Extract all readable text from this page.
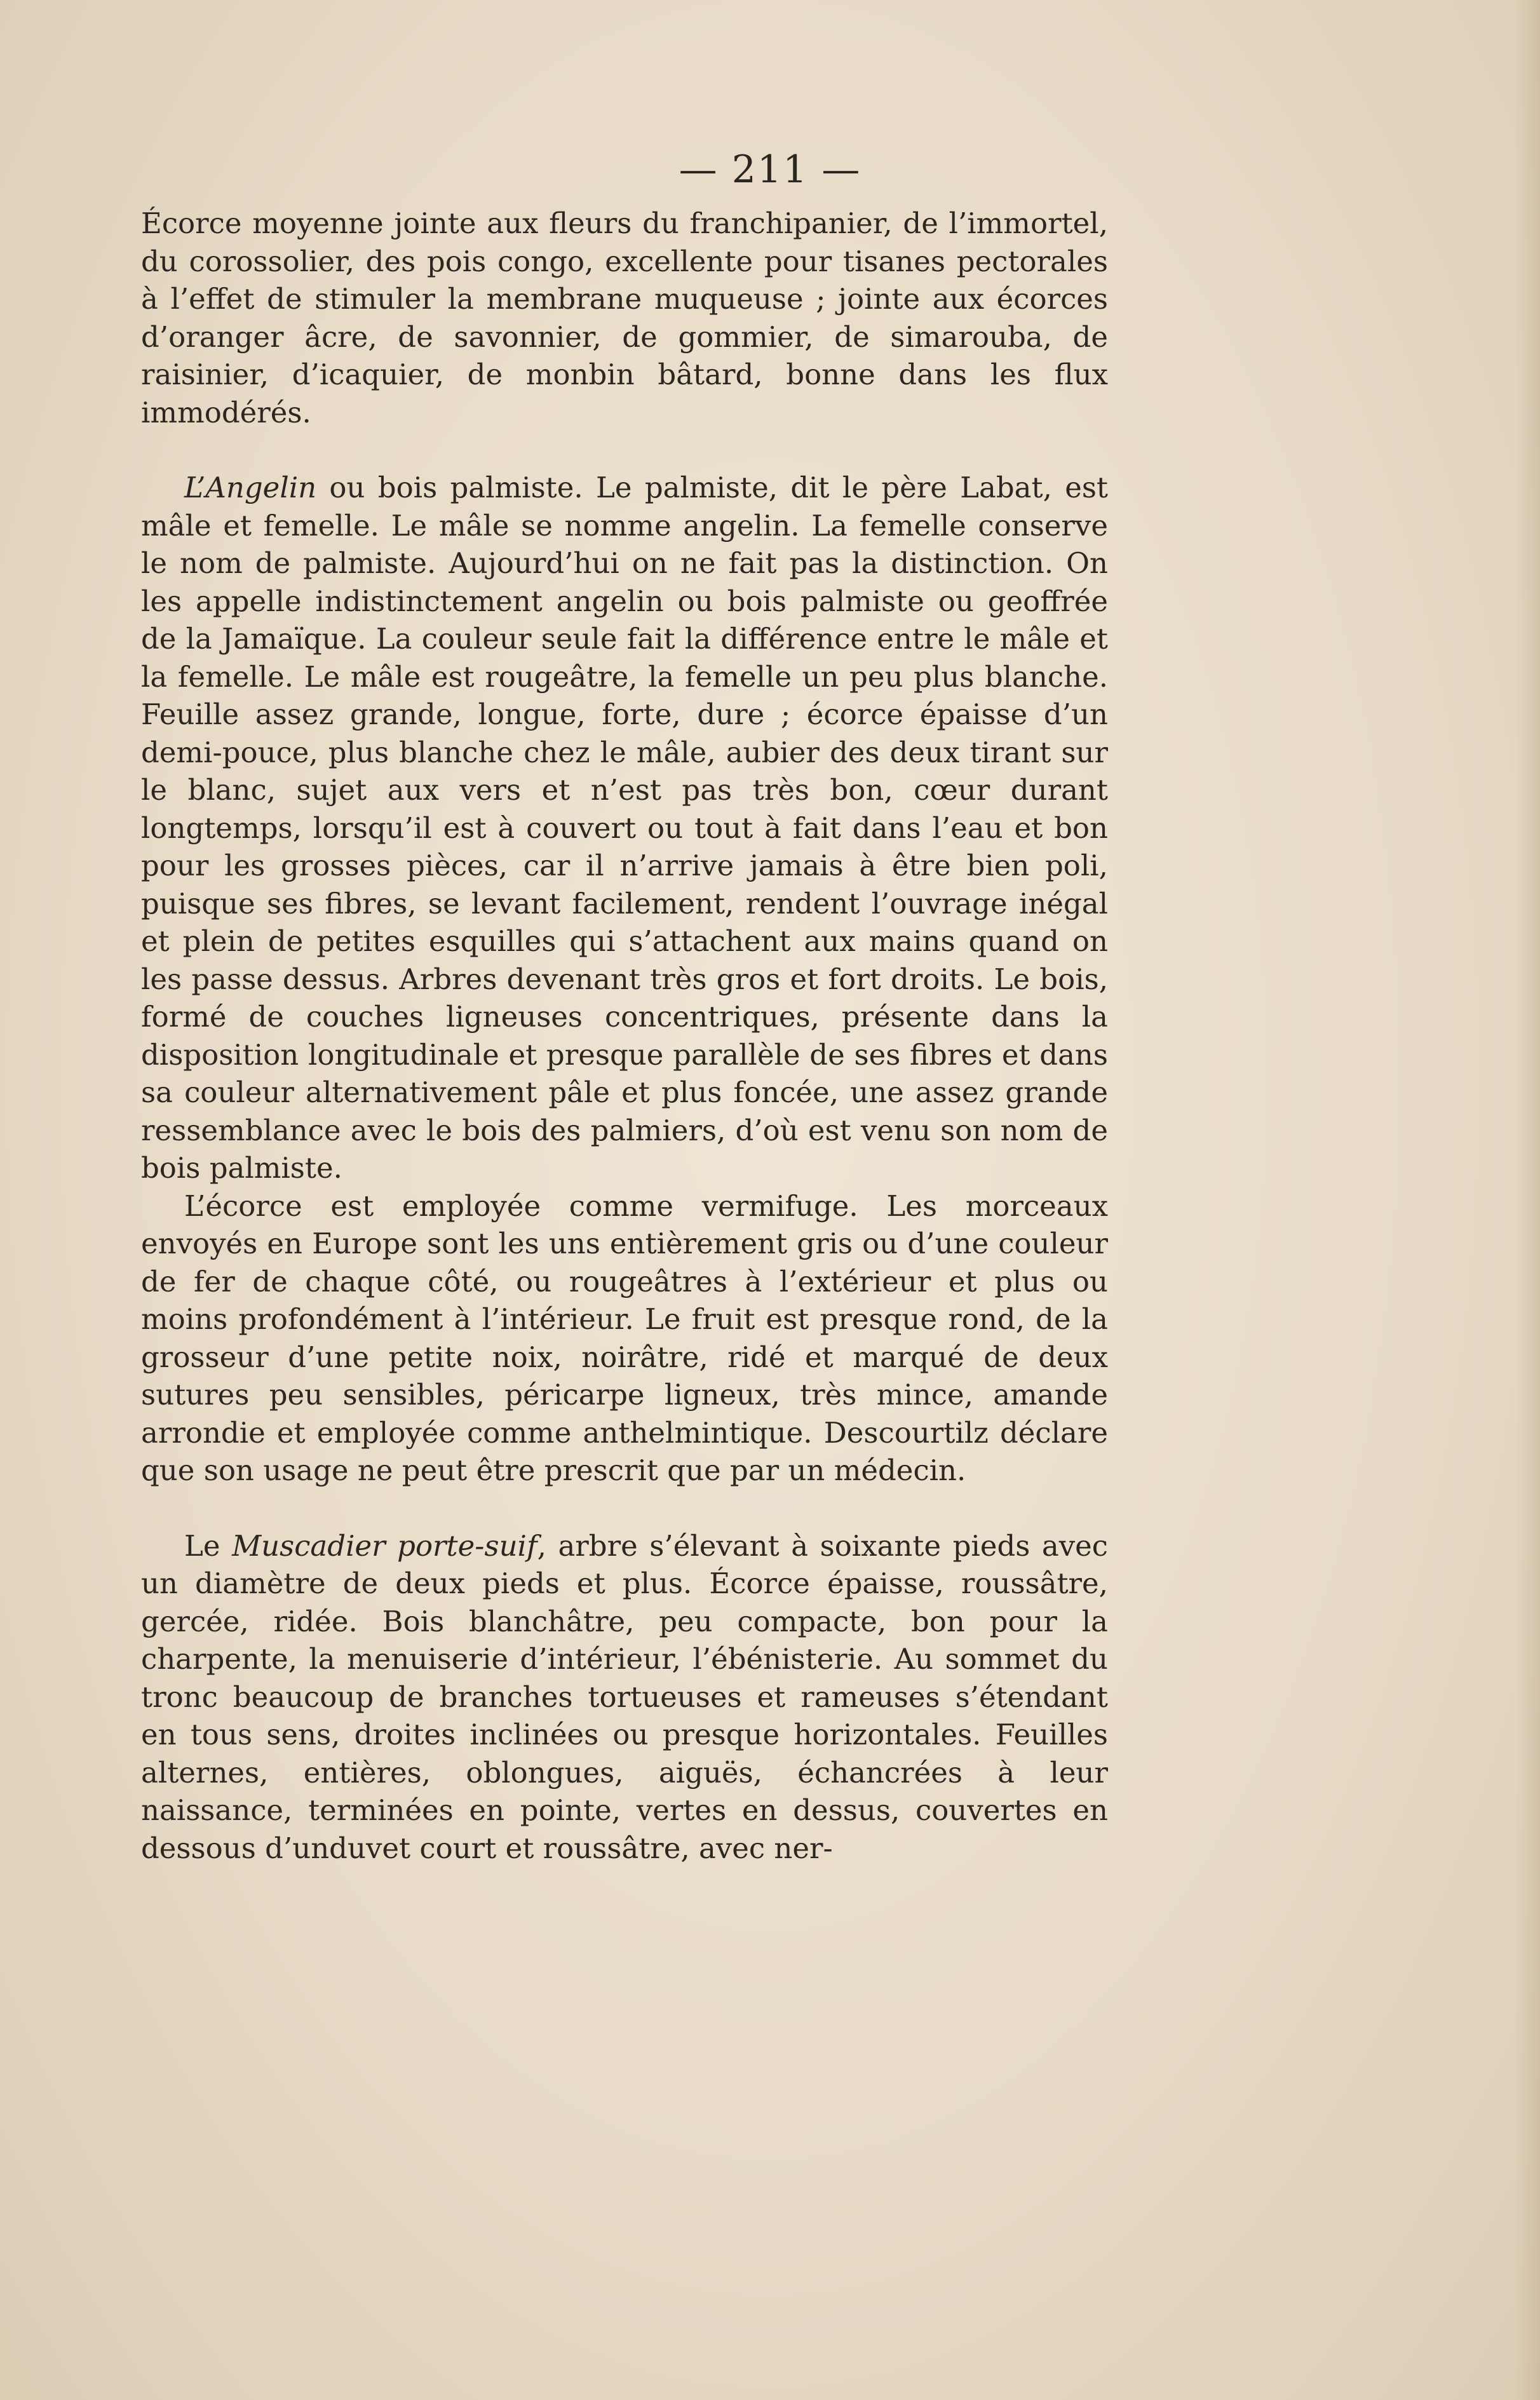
— 211 —

Écorce moyenne jointe aux fleurs du franchipanier, de l’immortel, du corossolier, des pois congo, excellente pour tisanes pectorales à l’effet de stimuler la membrane muqueuse ; jointe aux écorces d’oranger âcre, de savonnier, de gommier, de simarouba, de raisinier, d’icaquier, de monbin bâtard, bonne dans les flux immodérés.

L’Angelin ou bois palmiste. Le palmiste, dit le père Labat, est mâle et femelle. Le mâle se nomme angelin. La femelle conserve le nom de palmiste. Aujourd’hui on ne fait pas la distinction. On les appelle indistinctement angelin ou bois palmiste ou geoffrée de la Jamaïque. La couleur seule fait la différence entre le mâle et la femelle. Le mâle est rougeâtre, la femelle un peu plus blanche. Feuille assez grande, longue, forte, dure ; écorce épaisse d’un demi-pouce, plus blanche chez le mâle, aubier des deux tirant sur le blanc, sujet aux vers et n’est pas très bon, cœur durant longtemps, lorsqu’il est à couvert ou tout à fait dans l’eau et bon pour les grosses pièces, car il n’arrive jamais à être bien poli, puisque ses fibres, se levant facilement, rendent l’ouvrage inégal et plein de petites esquilles qui s’attachent aux mains quand on les passe dessus. Arbres devenant très gros et fort droits. Le bois, formé de couches ligneuses concentriques, présente dans la disposition longitudinale et presque parallèle de ses fibres et dans sa couleur alternativement pâle et plus foncée, une assez grande ressemblance avec le bois des palmiers, d’où est venu son nom de bois palmiste.

L’écorce est employée comme vermifuge. Les morceaux envoyés en Europe sont les uns entièrement gris ou d’une couleur de fer de chaque côté, ou rougeâtres à l’extérieur et plus ou moins profondément à l’intérieur. Le fruit est presque rond, de la grosseur d’une petite noix, noirâtre, ridé et marqué de deux sutures peu sensibles, péricarpe ligneux, très mince, amande arrondie et employée comme anthelmintique. Descourtilz déclare que son usage ne peut être prescrit que par un médecin.

Le Muscadier porte-suif, arbre s’élevant à soixante pieds avec un diamètre de deux pieds et plus. Écorce épaisse, roussâtre, gercée, ridée. Bois blanchâtre, peu compacte, bon pour la charpente, la menuiserie d’intérieur, l’ébénisterie. Au sommet du tronc beaucoup de branches tortueuses et rameuses s’étendant en tous sens, droites inclinées ou presque horizontales. Feuilles alternes, entières, oblongues, aiguës, échancrées à leur naissance, terminées en pointe, vertes en dessus, couvertes en dessous d’unduvet court et roussâtre, avec ner-
